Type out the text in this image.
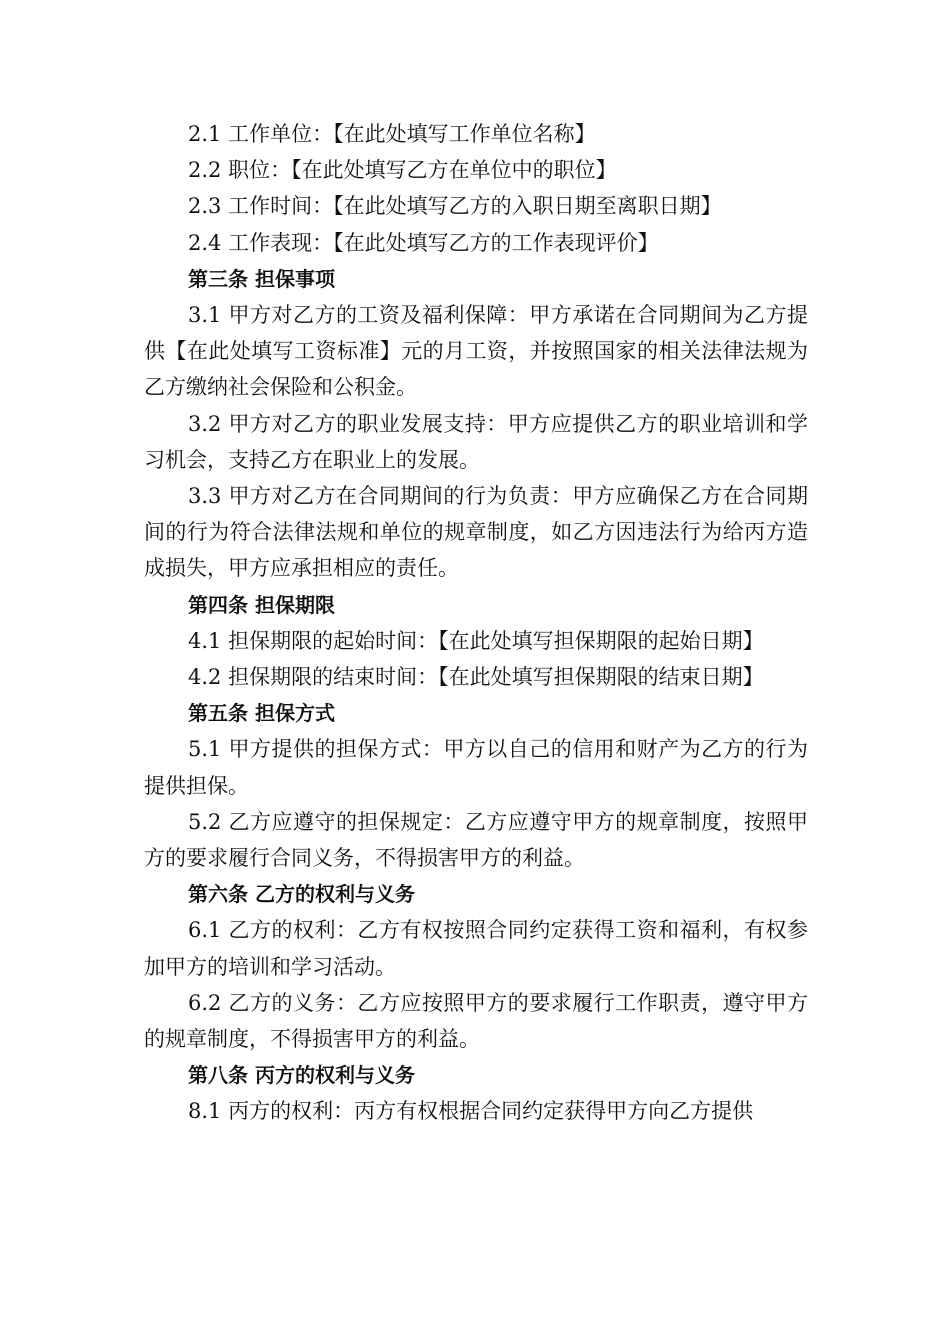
2.1 工作单位：【在此处填写工作单位名称】

2.2 职位：【在此处填写乙方在单位中的职位】

2.3 工作时间：【在此处填写乙方的入职日期至离职日期】

2.4 工作表现：【在此处填写乙方的工作表现评价】

第三条 担保事项

3.1 甲方对乙方的工资及福利保障：甲方承诺在合同期间为乙方提供【在此处填写工资标准】元的月工资，并按照国家的相关法律法规为乙方缴纳社会保险和公积金。

3.2 甲方对乙方的职业发展支持：甲方应提供乙方的职业培训和学习机会，支持乙方在职业上的发展。

3.3 甲方对乙方在合同期间的行为负责：甲方应确保乙方在合同期间的行为符合法律法规和单位的规章制度，如乙方因违法行为给丙方造成损失，甲方应承担相应的责任。

第四条 担保期限

4.1 担保期限的起始时间：【在此处填写担保期限的起始日期】

4.2 担保期限的结束时间：【在此处填写担保期限的结束日期】

第五条 担保方式

5.1 甲方提供的担保方式：甲方以自己的信用和财产为乙方的行为提供担保。

5.2 乙方应遵守的担保规定：乙方应遵守甲方的规章制度，按照甲方的要求履行合同义务，不得损害甲方的利益。

第六条 乙方的权利与义务

6.1 乙方的权利：乙方有权按照合同约定获得工资和福利，有权参加甲方的培训和学习活动。

6.2 乙方的义务：乙方应按照甲方的要求履行工作职责，遵守甲方的规章制度，不得损害甲方的利益。

第八条 丙方的权利与义务

8.1 丙方的权利：丙方有权根据合同约定获得甲方向乙方提供
